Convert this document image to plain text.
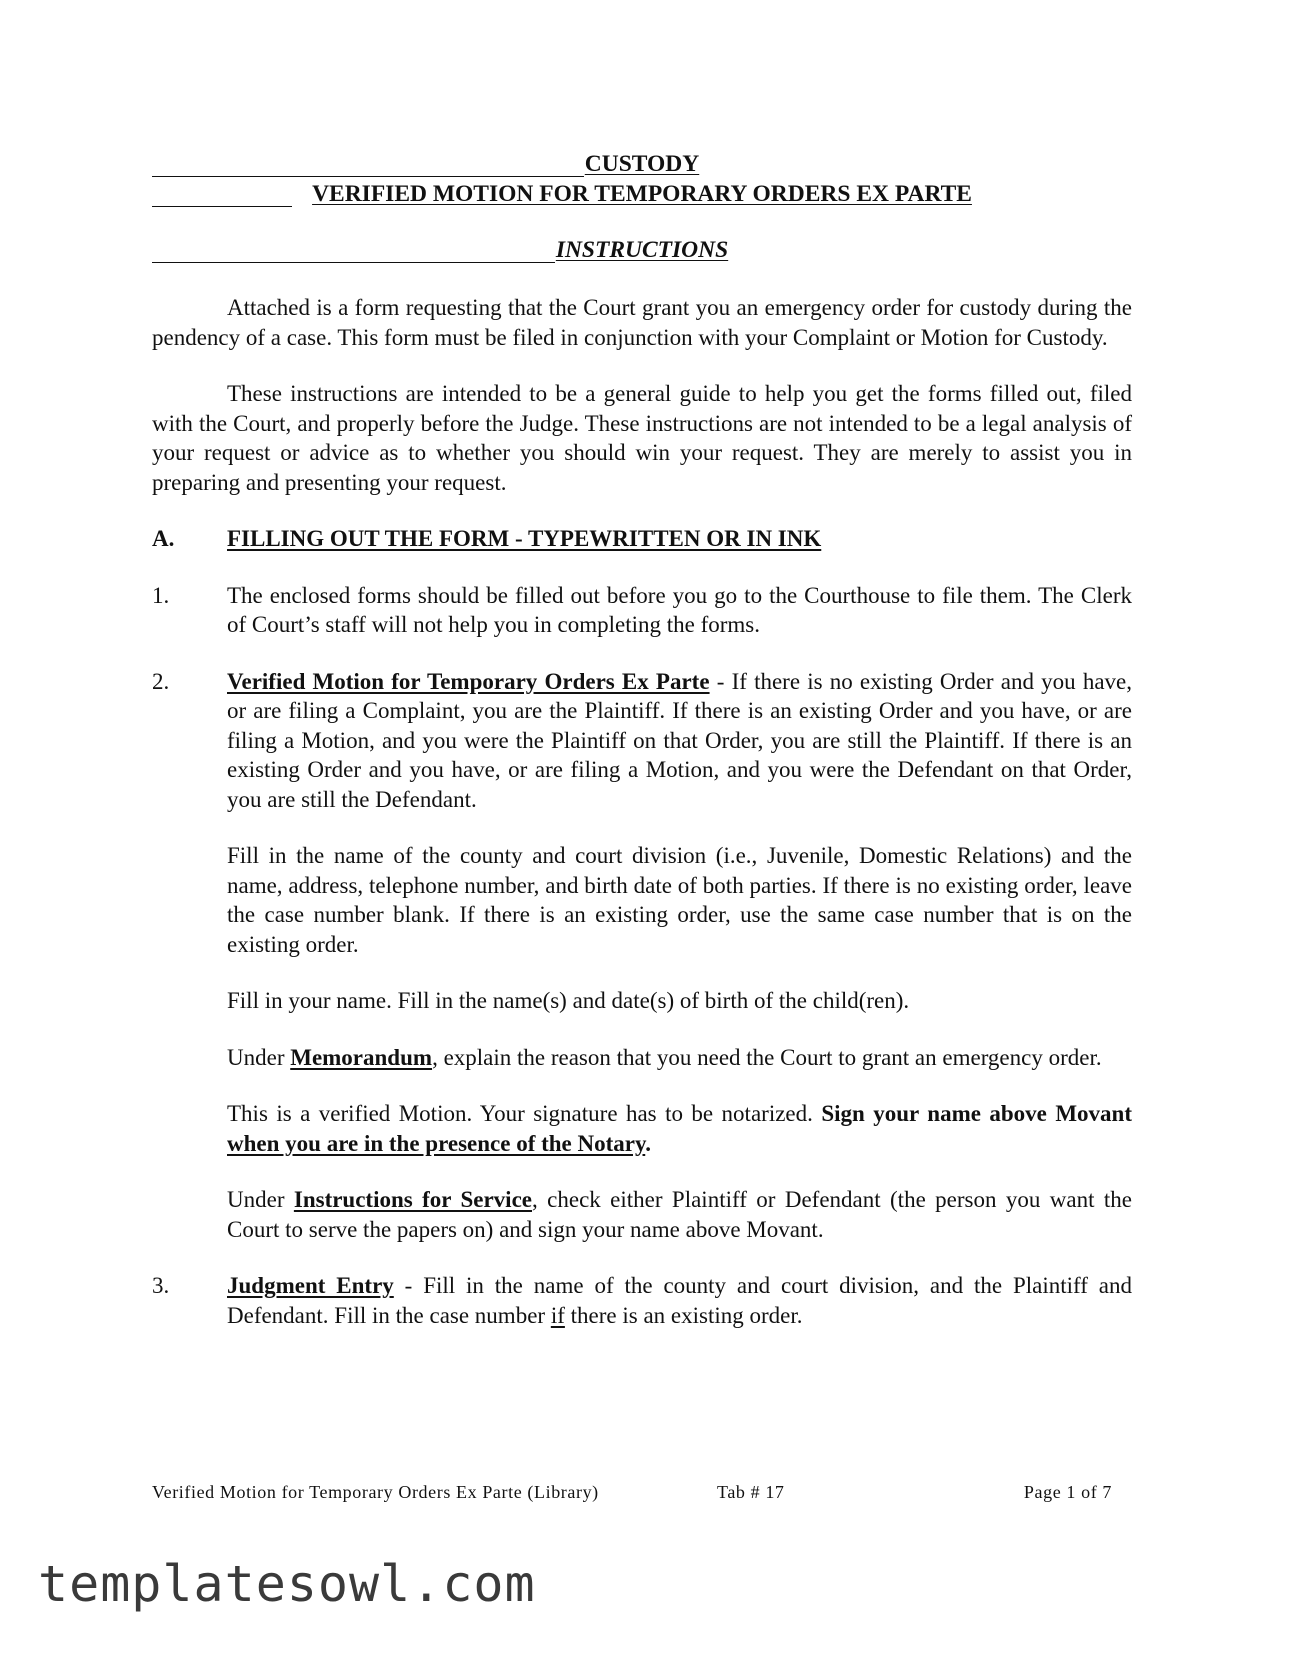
CUSTODY
VERIFIED MOTION FOR TEMPORARY ORDERS EX PARTE
INSTRUCTIONS

Attached is a form requesting that the Court grant you an emergency order for custody during the pendency of a case. This form must be filed in conjunction with your Complaint or Motion for Custody.

These instructions are intended to be a general guide to help you get the forms filled out, filed with the Court, and properly before the Judge. These instructions are not intended to be a legal analysis of your request or advice as to whether you should win your request. They are merely to assist you in preparing and presenting your request.

A.	FILLING OUT THE FORM - TYPEWRITTEN OR IN INK
1.	The enclosed forms should be filled out before you go to the Courthouse to file them. The Clerk of Court’s staff will not help you in completing the forms.
2.	Verified Motion for Temporary Orders Ex Parte - If there is no existing Order and you have, or are filing a Complaint, you are the Plaintiff. If there is an existing Order and you have, or are filing a Motion, and you were the Plaintiff on that Order, you are still the Plaintiff. If there is an existing Order and you have, or are filing a Motion, and you were the Defendant on that Order, you are still the Defendant.

Fill in the name of the county and court division (i.e., Juvenile, Domestic Relations) and the name, address, telephone number, and birth date of both parties. If there is no existing order, leave the case number blank. If there is an existing order, use the same case number that is on the existing order.

Fill in your name. Fill in the name(s) and date(s) of birth of the child(ren).

Under Memorandum, explain the reason that you need the Court to grant an emergency order.

This is a verified Motion. Your signature has to be notarized. Sign your name above Movant when you are in the presence of the Notary.

Under Instructions for Service, check either Plaintiff or Defendant (the person you want the Court to serve the papers on) and sign your name above Movant.

3.	Judgment Entry - Fill in the name of the county and court division, and the Plaintiff and Defendant. Fill in the case number if there is an existing order.
Verified Motion for Temporary Orders Ex Parte (Library)	Tab # 17	Page 1 of 7
templatesowl.com
